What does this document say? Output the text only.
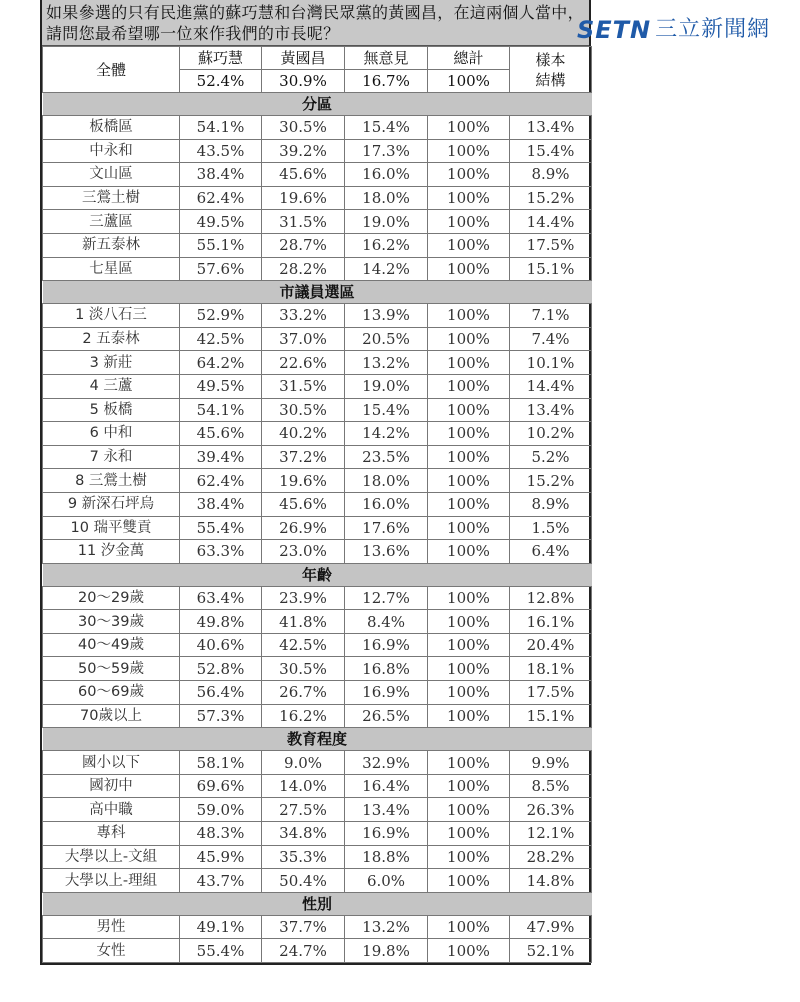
如果參選的只有民進黨的蘇巧慧和台灣民眾黨的黃國昌，在這兩個人當中，請問您最希望哪一位來作我們的市長呢？
全體	蘇巧慧	黃國昌	無意見	總計	樣本
結構
	52.4%	30.9%	16.7%	100%	
分區					
板橋區	54.1%	30.5%	15.4%	100%	13.4%
中永和	43.5%	39.2%	17.3%	100%	15.4%
文山區	38.4%	45.6%	16.0%	100%	8.9%
三鶯土樹	62.4%	19.6%	18.0%	100%	15.2%
三蘆區	49.5%	31.5%	19.0%	100%	14.4%
新五泰林	55.1%	28.7%	16.2%	100%	17.5%
七星區	57.6%	28.2%	14.2%	100%	15.1%
市議員選區					
1 淡八石三	52.9%	33.2%	13.9%	100%	7.1%
2 五泰林	42.5%	37.0%	20.5%	100%	7.4%
3 新莊	64.2%	22.6%	13.2%	100%	10.1%
4 三蘆	49.5%	31.5%	19.0%	100%	14.4%
5 板橋	54.1%	30.5%	15.4%	100%	13.4%
6 中和	45.6%	40.2%	14.2%	100%	10.2%
7 永和	39.4%	37.2%	23.5%	100%	5.2%
8 三鶯土樹	62.4%	19.6%	18.0%	100%	15.2%
9 新深石坪烏	38.4%	45.6%	16.0%	100%	8.9%
10 瑞平雙貢	55.4%	26.9%	17.6%	100%	1.5%
11 汐金萬	63.3%	23.0%	13.6%	100%	6.4%
年齡					
20～29歲	63.4%	23.9%	12.7%	100%	12.8%
30～39歲	49.8%	41.8%	8.4%	100%	16.1%
40～49歲	40.6%	42.5%	16.9%	100%	20.4%
50～59歲	52.8%	30.5%	16.8%	100%	18.1%
60～69歲	56.4%	26.7%	16.9%	100%	17.5%
70歲以上	57.3%	16.2%	26.5%	100%	15.1%
教育程度					
國小以下	58.1%	9.0%	32.9%	100%	9.9%
國初中	69.6%	14.0%	16.4%	100%	8.5%
高中職	59.0%	27.5%	13.4%	100%	26.3%
專科	48.3%	34.8%	16.9%	100%	12.1%
大學以上-文組	45.9%	35.3%	18.8%	100%	28.2%
大學以上-理組	43.7%	50.4%	6.0%	100%	14.8%
性別					
男性	49.1%	37.7%	13.2%	100%	47.9%
女性	55.4%	24.7%	19.8%	100%	52.1%
SETN 三立新聞網
